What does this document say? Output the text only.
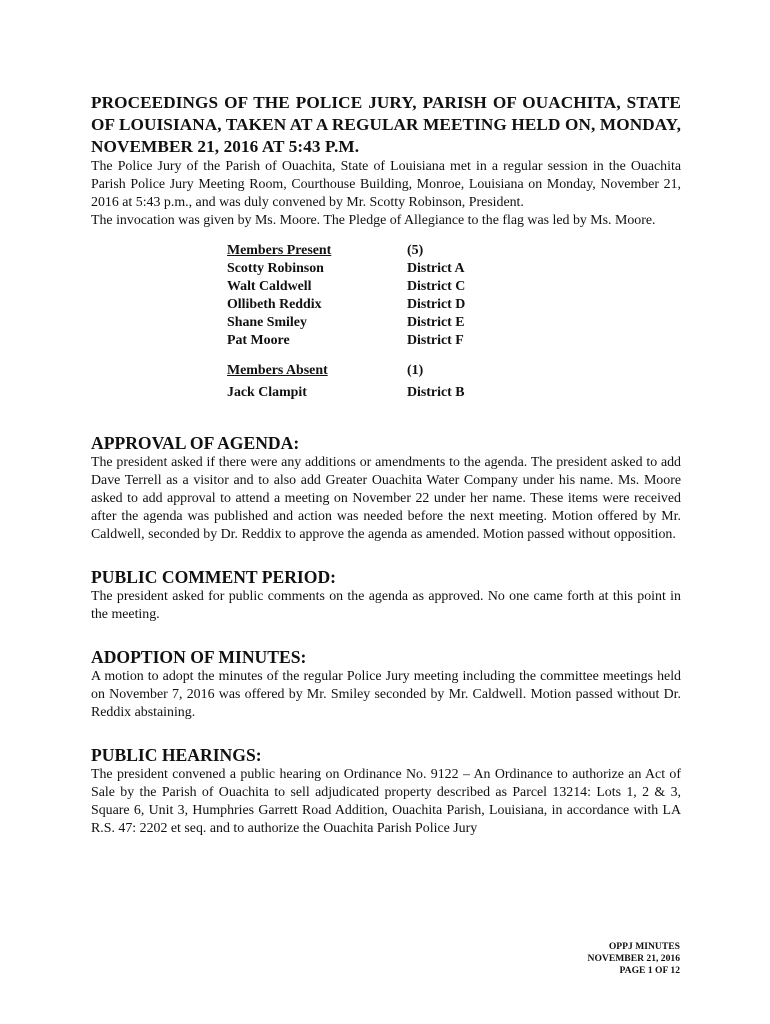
PROCEEDINGS OF THE POLICE JURY, PARISH OF OUACHITA, STATE OF LOUISIANA, TAKEN AT A REGULAR MEETING HELD ON, MONDAY, NOVEMBER 21, 2016 AT 5:43 P.M.

The Police Jury of the Parish of Ouachita, State of Louisiana met in a regular session in the Ouachita Parish Police Jury Meeting Room, Courthouse Building, Monroe, Louisiana on Monday, November 21, 2016 at 5:43 p.m., and was duly convened by Mr. Scotty Robinson, President.

The invocation was given by Ms. Moore. The Pledge of Allegiance to the flag was led by Ms. Moore.

Members Present	(5)
Scotty Robinson	District A
Walt Caldwell	District C
Ollibeth Reddix	District D
Shane Smiley	District E
Pat Moore	District F
Members Absent	(1)
Jack Clampit	District B
APPROVAL OF AGENDA:

The president asked if there were any additions or amendments to the agenda. The president asked to add Dave Terrell as a visitor and to also add Greater Ouachita Water Company under his name. Ms. Moore asked to add approval to attend a meeting on November 22 under her name. These items were received after the agenda was published and action was needed before the next meeting. Motion offered by Mr. Caldwell, seconded by Dr. Reddix to approve the agenda as amended. Motion passed without opposition.

PUBLIC COMMENT PERIOD:

The president asked for public comments on the agenda as approved. No one came forth at this point in the meeting.

ADOPTION OF MINUTES:

A motion to adopt the minutes of the regular Police Jury meeting including the committee meetings held on November 7, 2016 was offered by Mr. Smiley seconded by Mr. Caldwell. Motion passed without Dr. Reddix abstaining.

PUBLIC HEARINGS:

The president convened a public hearing on Ordinance No. 9122 – An Ordinance to authorize an Act of Sale by the Parish of Ouachita to sell adjudicated property described as Parcel 13214: Lots 1, 2 & 3, Square 6, Unit 3, Humphries Garrett Road Addition, Ouachita Parish, Louisiana, in accordance with LA R.S. 47: 2202 et seq. and to authorize the Ouachita Parish Police Jury

OPPJ MINUTES
NOVEMBER 21, 2016
PAGE 1 OF 12
